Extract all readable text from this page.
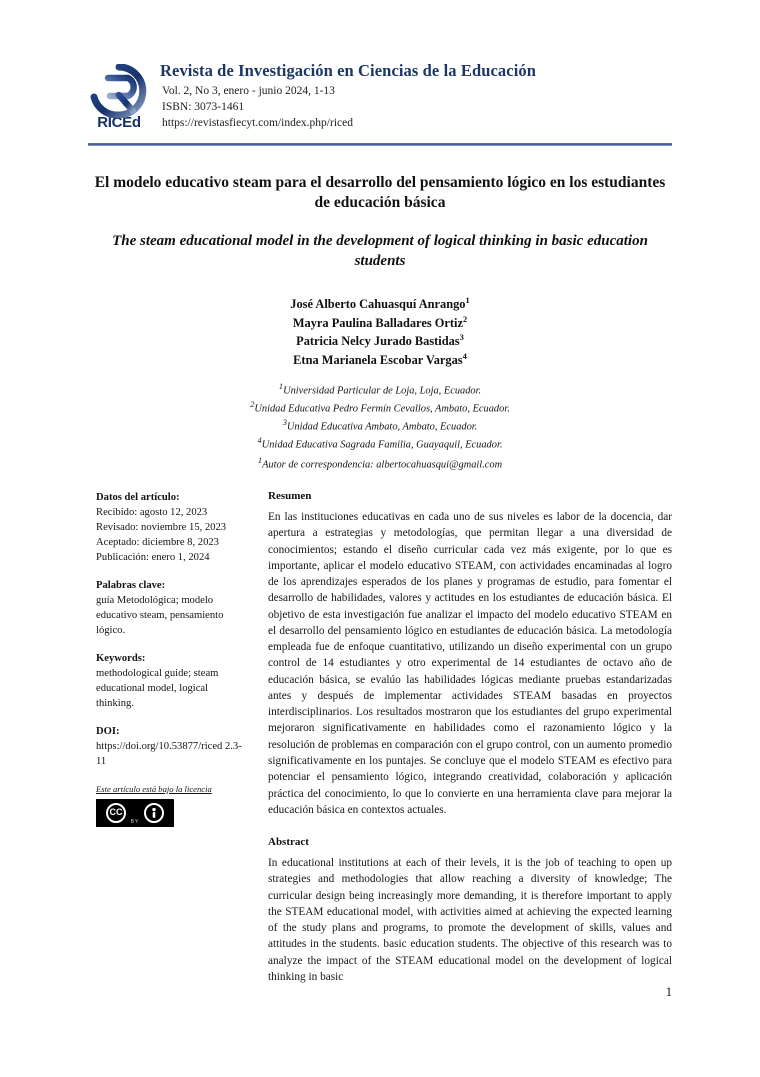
RICEd
Revista de Investigación en Ciencias de la Educación
Vol. 2, No 3, enero - junio 2024, 1-13
ISBN: 3073-1461
https://revistasfiecyt.com/index.php/riced
El modelo educativo steam para el desarrollo del pensamiento lógico en los estudiantes de educación básica
The steam educational model in the development of logical thinking in basic education students
José Alberto Cahuasquí Anrango$^1$
Mayra Paulina Balladares Ortiz$^2$
Patricia Nelcy Jurado Bastidas$^3$
Etna Marianela Escobar Vargas$^4$
$^1$Universidad Particular de Loja, Loja, Ecuador.
$^2$Unidad Educativa Pedro Fermín Cevallos, Ambato, Ecuador.
$^3$Unidad Educativa Ambato, Ambato, Ecuador.
$^4$Unidad Educativa Sagrada Familia, Guayaquil, Ecuador.
$^1$Autor de correspondencia: albertocahuasqui@gmail.com
Datos del artículo:
Recibido: agosto 12, 2023
Revisado: noviembre 15, 2023
Aceptado: diciembre 8, 2023
Publicación: enero 1, 2024
Palabras clave:
guía Metodológica; modelo educativo steam, pensamiento lógico.
Keywords:
methodological guide; steam educational model, logical thinking.
DOI:
https://doi.org/10.53877/riced 2.3-11
Este artículo está bajo la licencia
CC
BY
Resumen

En las instituciones educativas en cada uno de sus niveles es labor de la docencia, dar apertura a estrategias y metodologías, que permitan llegar a una diversidad de conocimientos; estando el diseño curricular cada vez más exigente, por lo que es importante, aplicar el modelo educativo STEAM, con actividades encaminadas al logro de los aprendizajes esperados de los planes y programas de estudio, para fomentar el desarrollo de habilidades, valores y actitudes en los estudiantes de educación básica. El objetivo de esta investigación fue analizar el impacto del modelo educativo STEAM en el desarrollo del pensamiento lógico en estudiantes de educación básica. La metodología empleada fue de enfoque cuantitativo, utilizando un diseño experimental con un grupo control de 14 estudiantes y otro experimental de 14 estudiantes de octavo año de educación básica, se evalúo las habilidades lógicas mediante pruebas estandarizadas antes y después de implementar actividades STEAM basadas en proyectos interdisciplinarios. Los resultados mostraron que los estudiantes del grupo experimental mejoraron significativamente en habilidades como el razonamiento lógico y la resolución de problemas en comparación con el grupo control, con un aumento promedio significativamente en los puntajes. Se concluye que el modelo STEAM es efectivo para potenciar el pensamiento lógico, integrando creatividad, colaboración y aplicación práctica del conocimiento, lo que lo convierte en una herramienta clave para mejorar la educación básica en contextos actuales.

Abstract

In educational institutions at each of their levels, it is the job of teaching to open up strategies and methodologies that allow reaching a diversity of knowledge; The curricular design being increasingly more demanding, it is therefore important to apply the STEAM educational model, with activities aimed at achieving the expected learning of the study plans and programs, to promote the development of skills, values and attitudes in the students. basic education students. The objective of this research was to analyze the impact of the STEAM educational model on the development of logical thinking in basic

1
